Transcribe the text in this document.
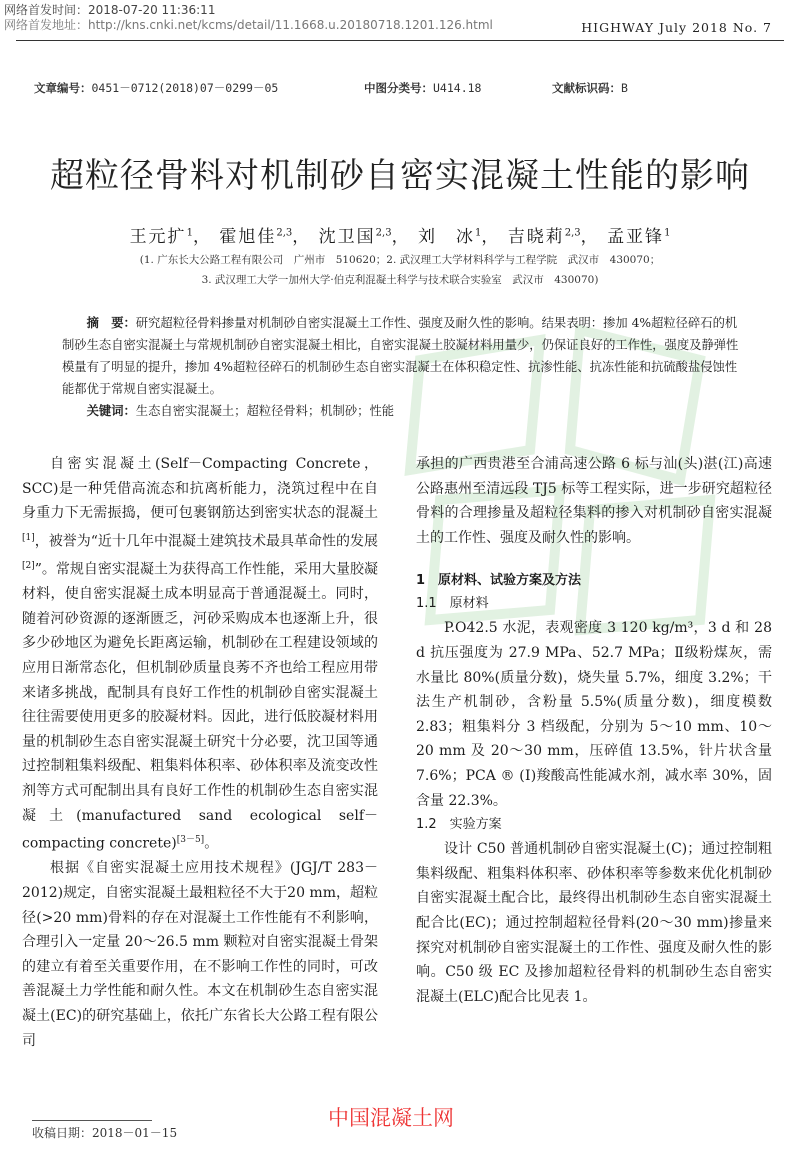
网络首发时间：2018-07-20 11:36:11
网络首发地址：http://kns.cnki.net/kcms/detail/11.1668.u.20180718.1201.126.html	HIGHWAY July 2018 No. 7
文章编号：0451－0712(2018)07－0299－05	中图分类号：U414.18	文献标识码：B
超粒径骨料对机制砂自密实混凝土性能的影响
王元扩$^1$， 霍旭佳$^{2,3}$， 沈卫国$^{2,3}$， 刘　冰$^1$， 吉晓莉$^{2,3}$， 孟亚锋$^1$
(1. 广东长大公路工程有限公司　广州市　510620；2. 武汉理工大学材料科学与工程学院　武汉市　430070；
3. 武汉理工大学一加州大学·伯克利混凝土科学与技术联合实验室　武汉市　430070)
摘　要：研究超粒径骨料掺量对机制砂自密实混凝土工作性、强度及耐久性的影响。结果表明：掺加 4%超粒径碎石的机制砂生态自密实混凝土与常规机制砂自密实混凝土相比，自密实混凝土胶凝材料用量少，仍保证良好的工作性，强度及静弹性模量有了明显的提升，掺加 4%超粒径碎石的机制砂生态自密实混凝土在体积稳定性、抗渗性能、抗冻性能和抗硫酸盐侵蚀性能都优于常规自密实混凝土。
关键词：生态自密实混凝土；超粒径骨料；机制砂；性能

自密实混凝土(Self－Compacting Concrete，SCC)是一种凭借高流态和抗离析能力，浇筑过程中在自身重力下无需振捣，便可包裹钢筋达到密实状态的混凝土[1]，被誉为“近十几年中混凝土建筑技术最具革命性的发展[2]”。常规自密实混凝土为获得高工作性能，采用大量胶凝材料，使自密实混凝土成本明显高于普通混凝土。同时，随着河砂资源的逐渐匮乏，河砂采购成本也逐渐上升，很多少砂地区为避免长距离运输，机制砂在工程建设领域的应用日渐常态化，但机制砂质量良莠不齐也给工程应用带来诸多挑战，配制具有良好工作性的机制砂自密实混凝土往往需要使用更多的胶凝材料。因此，进行低胶凝材料用量的机制砂生态自密实混凝土研究十分必要，沈卫国等通过控制粗集料级配、粗集料体积率、砂体积率及流变改性剂等方式可配制出具有良好工作性的机制砂生态自密实混凝土(manufactured sand ecological self－compacting concrete)[3－5]。

根据《自密实混凝土应用技术规程》(JGJ/T 283－2012)规定，自密实混凝土最粗粒径不大于20 mm，超粒径(>20 mm)骨料的存在对混凝土工作性能有不利影响，合理引入一定量 20～26.5 mm 颗粒对自密实混凝土骨架的建立有着至关重要作用，在不影响工作性的同时，可改善混凝土力学性能和耐久性。本文在机制砂生态自密实混凝土(EC)的研究基础上，依托广东省长大公路工程有限公司

承担的广西贵港至合浦高速公路 6 标与汕(头)湛(江)高速公路惠州至清远段 TJ5 标等工程实际，进一步研究超粒径骨料的合理掺量及超粒径集料的掺入对机制砂自密实混凝土的工作性、强度及耐久性的影响。

1　原材料、试验方案及方法
1.1　原材料

P.O42.5 水泥，表观密度 3 120 kg/m³，3 d 和 28 d 抗压强度为 27.9 MPa、52.7 MPa；Ⅱ级粉煤灰，需水量比 80%(质量分数)，烧失量 5.7%，细度 3.2%；干法生产机制砂，含粉量 5.5%(质量分数)，细度模数 2.83；粗集料分 3 档级配，分别为 5～10 mm、10～20 mm 及 20～30 mm，压碎值 13.5%，针片状含量 7.6%；PCA ® (Ⅰ)羧酸高性能减水剂，减水率 30%，固含量 22.3%。

1.2　实验方案

设计 C50 普通机制砂自密实混凝土(C)；通过控制粗集料级配、粗集料体积率、砂体积率等参数来优化机制砂自密实混凝土配合比，最终得出机制砂生态自密实混凝土配合比(EC)；通过控制超粒径骨料(20～30 mm)掺量来探究对机制砂自密实混凝土的工作性、强度及耐久性的影响。C50 级 EC 及掺加超粒径骨料的机制砂生态自密实混凝土(ELC)配合比见表 1。

收稿日期：2018－01－15
中国混凝土网
